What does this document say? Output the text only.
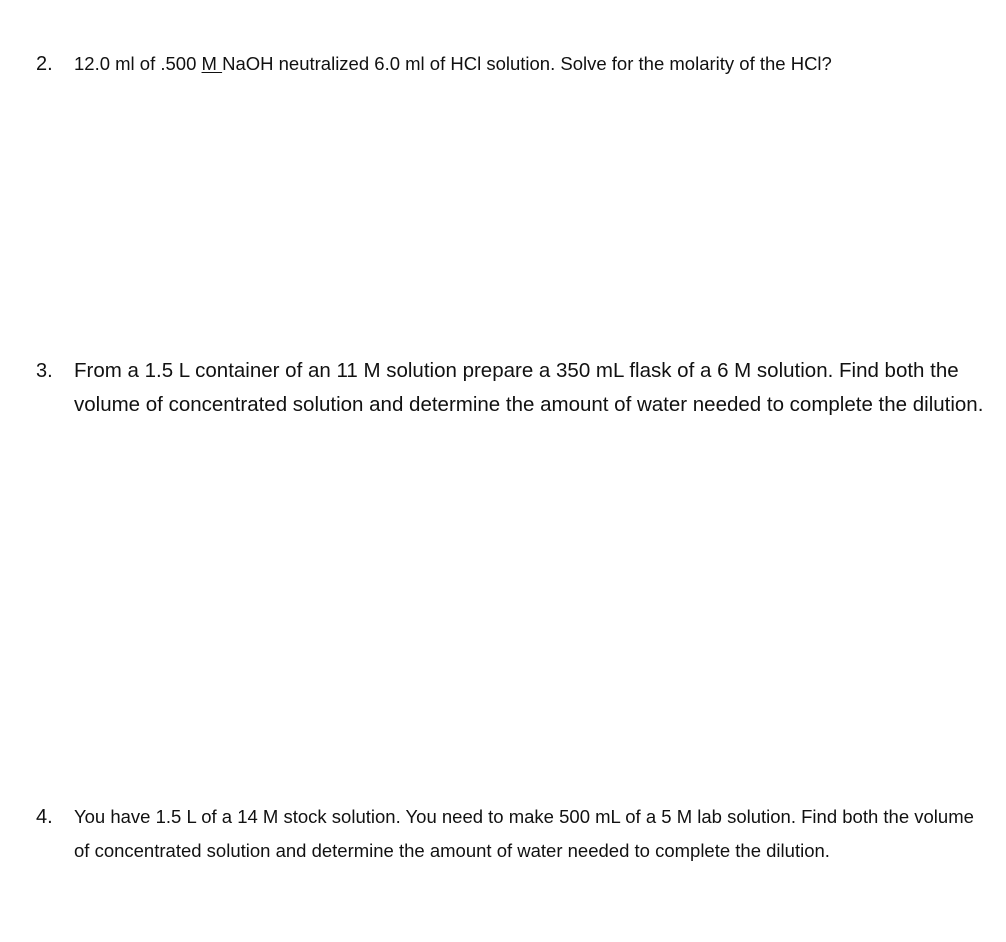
2.	12.0 ml of .500 M NaOH neutralized 6.0 ml of HCl solution. Solve for the molarity of the HCl?
3.	From a 1.5 L container of an 11 M solution prepare a 350 mL flask of a 6 M solution. Find both the volume of concentrated solution and determine the amount of water needed to complete the dilution.
4.	You have 1.5 L of a 14 M stock solution. You need to make 500 mL of a 5 M lab solution. Find both the volume of concentrated solution and determine the amount of water needed to complete the dilution.
